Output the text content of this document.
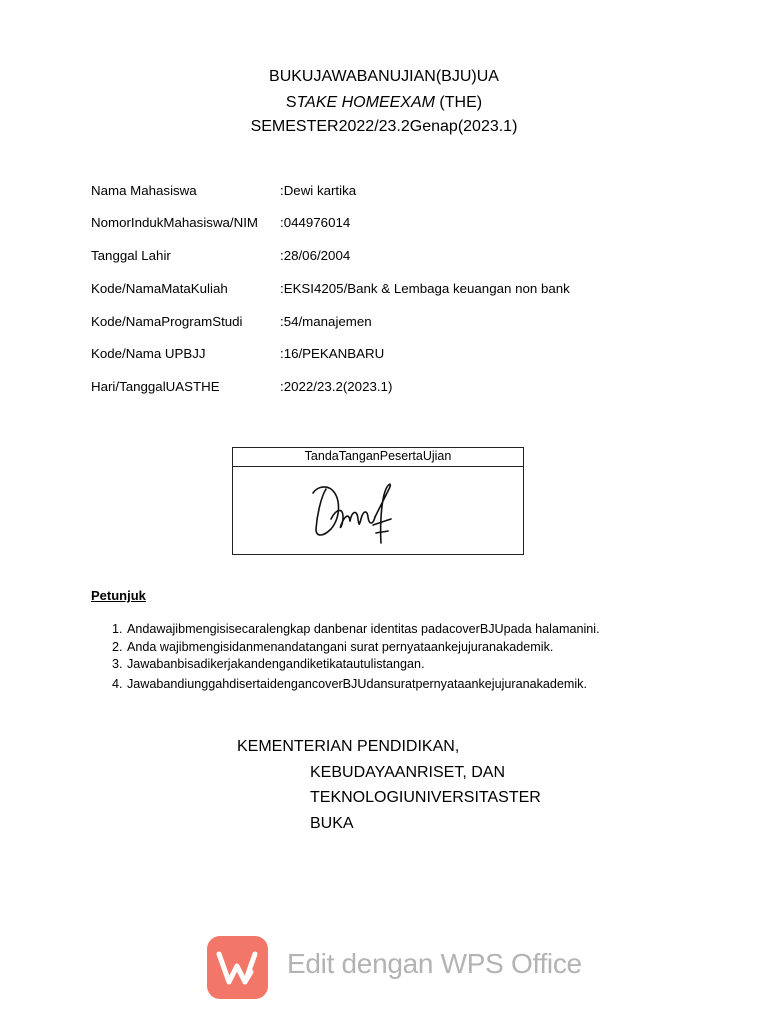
BUKUJAWABANUJIAN(BJU)UA
STAKE HOMEEXAM (THE)
SEMESTER2022/23.2Genap(2023.1)
Nama Mahasiswa	:Dewi kartika
NomorIndukMahasiswa/NIM :044976014
Tanggal Lahir	:28/06/2004
Kode/NamaMataKuliah	:EKSI4205/Bank & Lembaga keuangan non bank
Kode/NamaProgramStudi	:54/manajemen
Kode/Nama UPBJJ	:16/PEKANBARU
Hari/TanggalUASTHE	:2022/23.2(2023.1)
TandaTanganPesertaUjian
Petunjuk
1. Andawajibmengisisecaralengkap danbenar identitas padacoverBJUpada halamanini.
2. Anda wajibmengisidanmenandatangani surat pernyataankejujuranakademik.
3. Jawabanbisadikerjakandengandiketikatautulistangan.
4. JawabandiunggahdisertaidengancoverBJUdansuratpernyataankejujuranakademik.
KEMENTERIAN PENDIDIKAN,
KEBUDAYAANRISET, DAN
TEKNOLOGIUNIVERSITASTER
BUKA
Edit dengan WPS Office
